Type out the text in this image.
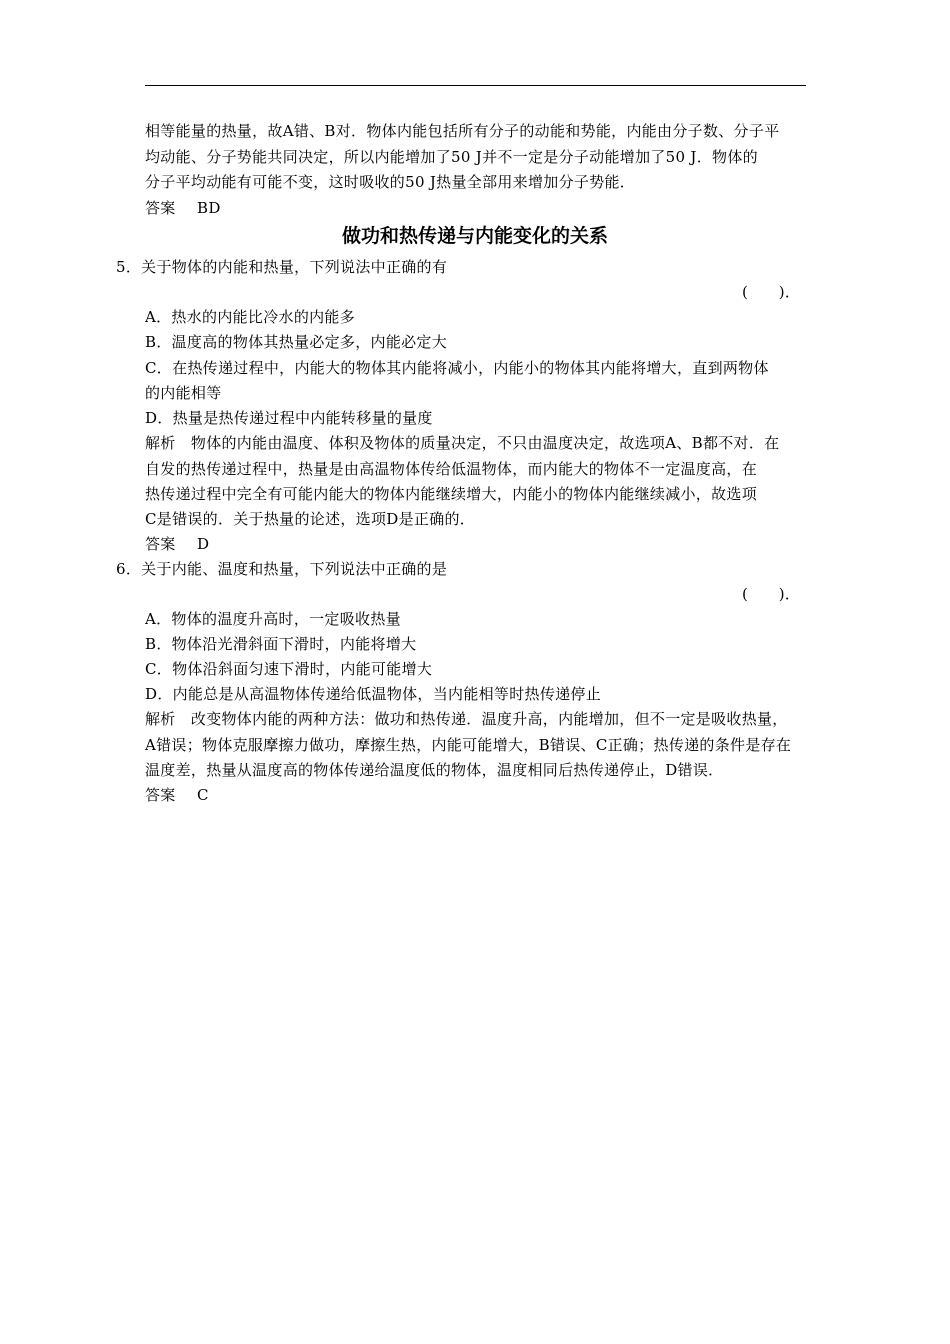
相等能量的热量，故A错、B对．物体内能包括所有分子的动能和势能，内能由分子数、分子平
均动能、分子势能共同决定，所以内能增加了50 J并不一定是分子动能增加了50 J．物体的
分子平均动能有可能不变，这时吸收的50 J热量全部用来增加分子势能．
答案 BD
做功和热传递与内能变化的关系
5．关于物体的内能和热量，下列说法中正确的有
(　　)．
A．热水的内能比冷水的内能多
B．温度高的物体其热量必定多，内能必定大
C．在热传递过程中，内能大的物体其内能将减小，内能小的物体其内能将增大，直到两物体
的内能相等
D．热量是热传递过程中内能转移量的量度
解析　物体的内能由温度、体积及物体的质量决定，不只由温度决定，故选项A、B都不对．在
自发的热传递过程中，热量是由高温物体传给低温物体，而内能大的物体不一定温度高，在
热传递过程中完全有可能内能大的物体内能继续增大，内能小的物体内能继续减小，故选项
C是错误的．关于热量的论述，选项D是正确的．
答案 D
6．关于内能、温度和热量，下列说法中正确的是
(　　)．
A．物体的温度升高时，一定吸收热量
B．物体沿光滑斜面下滑时，内能将增大
C．物体沿斜面匀速下滑时，内能可能增大
D．内能总是从高温物体传递给低温物体，当内能相等时热传递停止
解析　改变物体内能的两种方法：做功和热传递．温度升高，内能增加，但不一定是吸收热量，
A错误；物体克服摩擦力做功，摩擦生热，内能可能增大，B错误、C正确；热传递的条件是存在
温度差，热量从温度高的物体传递给温度低的物体，温度相同后热传递停止，D错误．
答案 C
